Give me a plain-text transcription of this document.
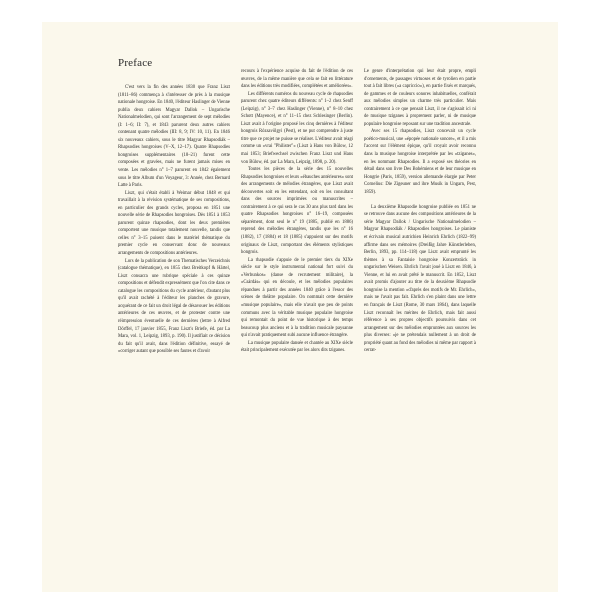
Preface

C'est vers la fin des années 1830 que Franz Liszt (1811–86) commença à s'intéresser de près à la musique nationale hongroise. En 1840, l'éditeur Haslinger de Vienne publia deux cahiers Magyar Dallok – Ungarische Nationalmelodien, qui sont l'arrangement de sept mélodies (I: 1–6; II: 7), et 1843 parurent deux autres cahiers contenant quatre mélodies (III: 8, 9; IV: 10, 11). En 1846 six nouveaux cahiers, sous le titre Magyar Rhapsodiák – Rhapsodies hongroises (V–X, 12–17). Quatre Rhapsodies hongroises supplémentaires (18–21) furent cette composées et gravées, mais ne furent jamais mises en vente. Les mélodies n° 1–7 parurent en 1842 également sous le titre Album d'un Voyageur, 3: Année, chez Bernard Latte à Paris.

Liszt, qui s'était établi à Weimar début 1848 et qui travaillait à la révision systématique de ses compositions, en particulier des grands cycles, proposa en 1851 une nouvelle série de Rhapsodies hongroises. Dès 1851 à 1853 parurent quinze rhapsodies, dont les deux premières comportent une musique totalement nouvelle, tandis que celles n° 3–15 puisent dans le matériel thématique du premier cycle en conservant donc de nouveaux arrangements de compositions antérieures.

Lors de la publication de son Thematisches Verzeichnis (catalogue thématique), en 1855 chez Breitkopf & Härtel, Liszt consacra une rubrique spéciale à ces quinze compositions et défendit expressément que l'on cite dans ce catalogue les compositions du cycle antérieur, d'autant plus qu'il avait rachété à l'éditeur les planches de gravure, acquérant de ce fait un droit légal de désavouer les éditions antérieures de ces œuvres, et de protester contre une réimpression éventuelle de ces dernières (lettre à Alfred Dörffel, 17 janvier 1855, Franz Liszt's Briefe, éd. par La Mara, vol. 1, Leipzig, 1893, p. 190). Il justifiait ce décision du fait qu'il avait, dans l'édition définitive, essayé de «corriger autant que possible ses fautes et d'avoir

recours à l'expérience acquise du fait de l'édition de ces œuvres, de la même manière que cela se fait en littérature dans les éditions très modifiées, complétées et améliorées».

Les différents numéros du nouveau cycle de rhapsodies parurent chez quatre éditeurs différents: n° 1–2 chez Senff (Leipzig), n° 3–7 chez Haslinger (Vienne), n° 8–10 chez Schott (Mayence), et n° 11–15 chez Schlesinger (Berlin). Liszt avait à l'origine proposé les cinq dernières à l'éditeur hongrois Rózsavölgyi (Pest), et ne put comprendre à juste titre que ce projet ne puisse se réaliser. L'éditeur avait réagi comme un «vrai "Philister"» (Liszt à Hans von Bülow, 12 mai 1853; Briefwechsel zwischen Franz Liszt und Hans von Bülow, éd. par La Mara, Leipzig, 1898, p. 20).

Toutes les pièces de la série des 15 nouvelles Rhapsodies hongroises et leurs «ébauches antérieures» sont des arrangements de mélodies étrangères, que Liszt avait découvertes soit en les entendant, soit en les consultant dans des sources imprimées ou manuscrites – contrairement à ce qui sera le cas 30 ans plus tard dans les quatre Rhapsodies hongroises n° 16–19, composées séparément, dont seul le n° 19 (1885, publié en 1886) reprend des mélodies étrangères, tandis que les n° 16 (1882), 17 (1884) et 18 (1885) s'appuient sur des motifs originaux de Liszt, comportant des éléments stylistiques hongrois.

La rhapsodie s'appuie de le premier tiers du XIXe siècle sur le style instrumental national fort suivi du «Verbunkos» (danse de recrutement militaire), la «Csárdás» qui en découle, et les mélodies populaires répandues à partir des années 1840 grâce à l'essor des scènes de théâtre populaire. On nommait cette dernière «musique populaire», mais elle n'avait que peu de points communs avec la véritable musique populaire hongroise qui remontait du point de vue historique à des temps beaucoup plus anciens et à la tradition musicale paysanne qui n'avait pratiquement subi aucune influence étrangère.

La musique populaire dansée et chantée au XIXe siècle était principalement exécutée par les alors dits tziganes.

Le genre d'interprétation qui leur était propre, empli d'ornements, de passages virtuoses et de tyrolien en partie tout à fait libres («a capriccio»), en partie fixés et marqués, de gammes et de couleurs sonores inhabituelles, conférait aux mélodies simples un charme très particulier. Mais contrairement à ce que pensait Liszt, il ne s'agissait ici ni de musique tziganes à proprement parler, ni de musique populaire hongroise reposant sur une tradition ancestrale.

Avec ses 15 rhapsodies, Liszt concevait un cycle poético-musical, une «épopée nationale sonore», et il a mis l'accent sur l'élément épique, qu'il croyait avoir reconnu dans la musique hongroise interprétée par les «tziganes», en les nommant Rhapsodies. Il a exposé ses théories en détail dans son livre Des Bohémiens et de leur musique en Hongrie (Paris, 1859), version allemande élargie par Peter Cornelius: Die Zigeuner und ihre Musik in Ungarn, Pest, 1859).

La deuxième Rhapsodie hongroise publiée en 1851 ne se retrouve dans aucune des compositions antérieures de la série Magyar Dallok / Ungarische Nationalmelodien – Magyar Rhapsodiák / Rhapsodies hongroises. Le pianiste et écrivain musical autrichien Heinrich Ehrlich (1822–99) affirme dans ses mémoires (Dreißig Jahre Künstlerleben, Berlin, 1893, pp. 114–118) que Liszt avait emprunté les thèmes à sa Fantaisie hongroise Konzertstück in ungarischen Weisen. Ehrlich l'avait joué à Liszt en 1846, à Vienne, et lui en avait prêté le manuscrit. En 1852, Liszt avait promis d'ajouter au titre de la deuxième Rhapsodie hongroise la mention «d'après des motifs de Mr. Ehrlich», mais ne l'avait pas fait. Ehrlich s'en plaint dans une lettre en français de Liszt (Rome, 30 mars 1864), dans laquelle Liszt reconnaît les mérites de Ehrlich, mais fait aussi référence à ses propres objectifs poursuivis dans cet arrangement sur des mélodies empruntées aux sources les plus diverses: «je ne prétendais nullement à un droit de propriété quant au fond des mélodies ni même par rapport à cerrat-
